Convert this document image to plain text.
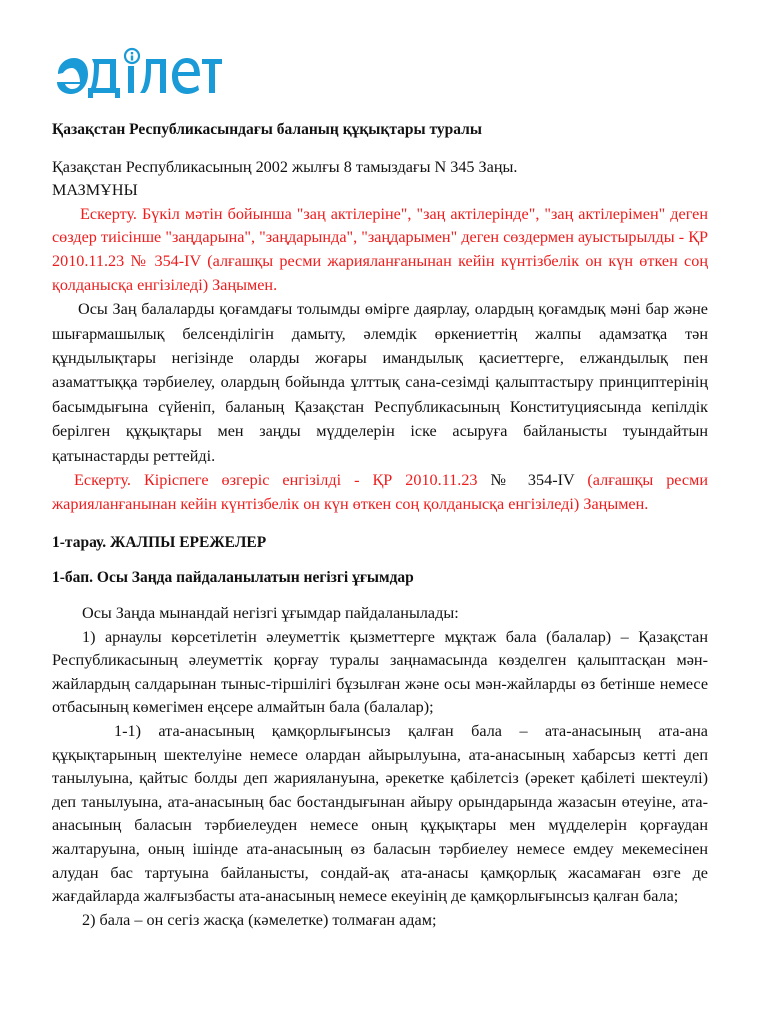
Қазақстан Республикасындағы баланың құқықтары туралы

Қазақстан Республикасының 2002 жылғы 8 тамыздағы N 345 Заңы.

МАЗМҰНЫ

Ескерту. Бүкіл мәтін бойынша "заң актілеріне", "заң актілерінде", "заң актілерімен" деген сөздер тиісінше "заңдарына", "заңдарында", "заңдарымен" деген сөздермен ауыстырылды - ҚР 2010.11.23 № 354-IV (алғашқы ресми жарияланғанынан кейін күнтізбелік он күн өткен соң қолданысқа енгізіледі) Заңымен.

Осы Заң балаларды қоғамдағы толымды өмірге даярлау, олардың қоғамдық мәні бар және шығармашылық белсенділігін дамыту, әлемдік өркениеттің жалпы адамзатқа тән құндылықтары негізінде оларды жоғары имандылық қасиеттерге, елжандылық пен азаматтыққа тәрбиелеу, олардың бойында ұлттық сана-сезімді қалыптастыру принциптерінің басымдығына сүйеніп, баланың Қазақстан Республикасының Конституциясында кепілдік берілген құқықтары мен заңды мүдделерін іске асыруға байланысты туындайтын қатынастарды реттейді.

Ескерту. Кіріспеге өзгеріс енгізілді - ҚР 2010.11.23 № 354-IV (алғашқы ресми жарияланғанынан кейін күнтізбелік он күн өткен соң қолданысқа енгізіледі) Заңымен.

1-тарау. ЖАЛПЫ ЕРЕЖЕЛЕР

1-бап. Осы Заңда пайдаланылатын негізгі ұғымдар

Осы Заңда мынандай негізгі ұғымдар пайдаланылады:

1) арнаулы көрсетілетін әлеуметтік қызметтерге мұқтаж бала (балалар) – Қазақстан Республикасының әлеуметтік қорғау туралы заңнамасында көзделген қалыптасқан мән-жайлардың салдарынан тыныс-тіршілігі бұзылған және осы мән-жайларды өз бетінше немесе отбасының көмегімен еңсере алмайтын бала (балалар);

1-1) ата-анасының қамқорлығынсыз қалған бала – ата-анасының ата-ана құқықтарының шектелуіне немесе олардан айырылуына, ата-анасының хабарсыз кетті деп танылуына, қайтыс болды деп жариялануына, әрекетке қабілетсіз (әрекет қабілеті шектеулі) деп танылуына, ата-анасының бас бостандығынан айыру орындарында жазасын өтеуіне, ата-анасының баласын тәрбиелеуден немесе оның құқықтары мен мүдделерін қорғаудан жалтаруына, оның ішінде ата-анасының өз баласын тәрбиелеу немесе емдеу мекемесінен алудан бас тартуына байланысты, сондай-ақ ата-анасы қамқорлық жасамаған өзге де жағдайларда жалғызбасты ата-анасының немесе екеуінің де қамқорлығынсыз қалған бала;

2) бала – он сегіз жасқа (кәмелетке) толмаған адам;
